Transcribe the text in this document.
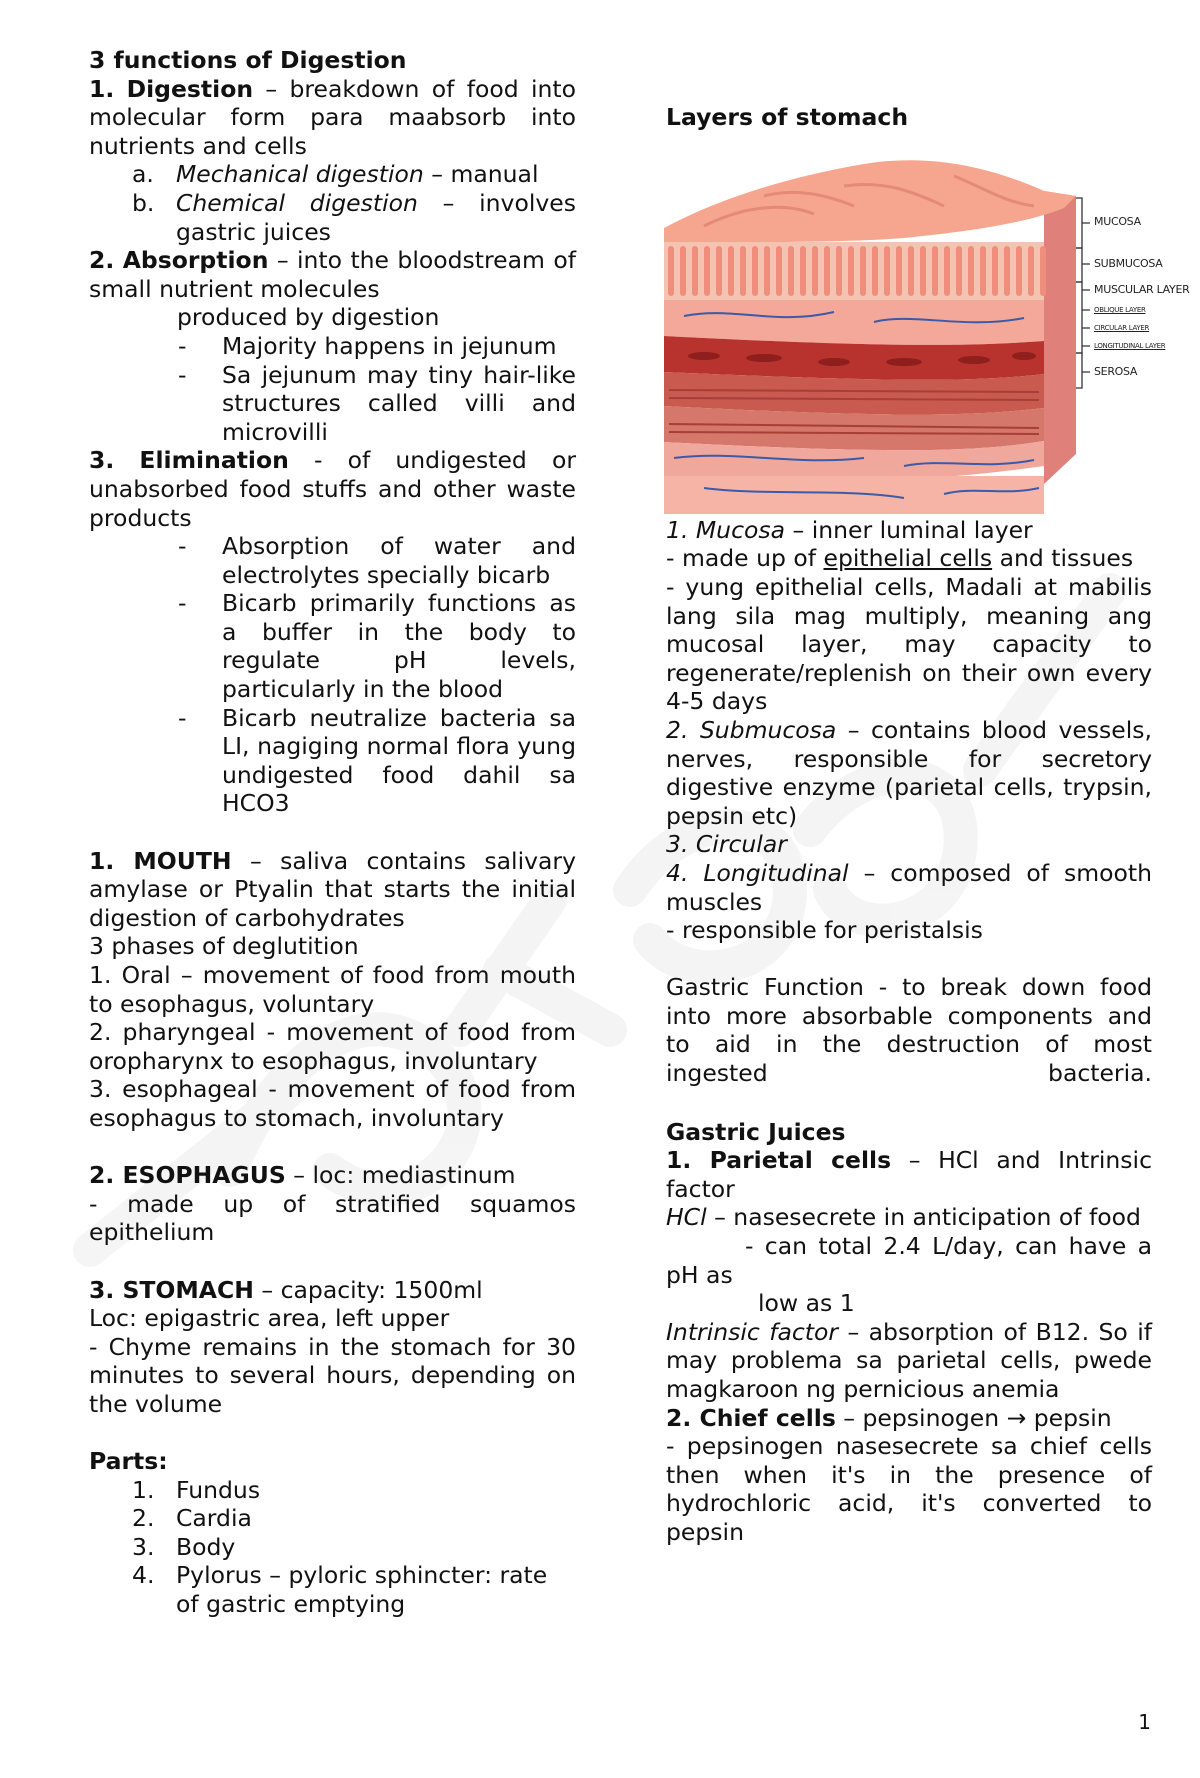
3 functions of Digestion

1. Digestion – breakdown of food into molecular form para maabsorb into nutrients and cells

a. Mechanical digestion – manual
b. Chemical digestion – involves gastric juices

2. Absorption – into the bloodstream of small nutrient molecules

produced by digestion

-	Majority happens in jejunum
-	Sa jejunum may tiny hair-like structures called villi and microvilli

3. Elimination - of undigested or unabsorbed food stuffs and other waste products

-	Absorption of water and electrolytes specially bicarb
-	Bicarb primarily functions as a buffer in the body to regulate pH levels, particularly in the blood
-	Bicarb neutralize bacteria sa LI, nagiging normal flora yung undigested food dahil sa HCO3

1. MOUTH – saliva contains salivary amylase or Ptyalin that starts the initial digestion of carbohydrates

3 phases of deglutition

1. Oral – movement of food from mouth to esophagus, voluntary

2. pharyngeal - movement of food from oropharynx to esophagus, involuntary

3. esophageal - movement of food from esophagus to stomach, involuntary

2. ESOPHAGUS – loc: mediastinum

- made up of stratified squamos epithelium

3. STOMACH – capacity: 1500ml

Loc: epigastric area, left upper

- Chyme remains in the stomach for 30 minutes to several hours, depending on the volume

Parts:

1. Fundus
2. Cardia
3. Body
4. Pylorus – pyloric sphincter: rate of gastric emptying

Layers of stomach

MUCOSA
SUBMUCOSA
MUSCULAR LAYER
OBLIQUE LAYER
CIRCULAR LAYER
LONGITUDINAL LAYER
SEROSA

1. Mucosa – inner luminal layer

- made up of epithelial cells and tissues

- yung epithelial cells, Madali at mabilis lang sila mag multiply, meaning ang mucosal layer, may capacity to regenerate/replenish on their own every 4-5 days

2. Submucosa – contains blood vessels, nerves, responsible for secretory digestive enzyme (parietal cells, trypsin, pepsin etc)

3. Circular

4. Longitudinal – composed of smooth muscles

- responsible for peristalsis

Gastric Function - to break down food into more absorbable components and to aid in the destruction of most ingested bacteria.

Gastric Juices

1. Parietal cells – HCl and Intrinsic factor

HCl – nasesecrete in anticipation of food

- can total 2.4 L/day, can have a pH as

low as 1

Intrinsic factor – absorption of B12. So if may problema sa parietal cells, pwede magkaroon ng pernicious anemia

2. Chief cells – pepsinogen → pepsin

- pepsinogen nasesecrete sa chief cells then when it's in the presence of hydrochloric acid, it's converted to pepsin

1
